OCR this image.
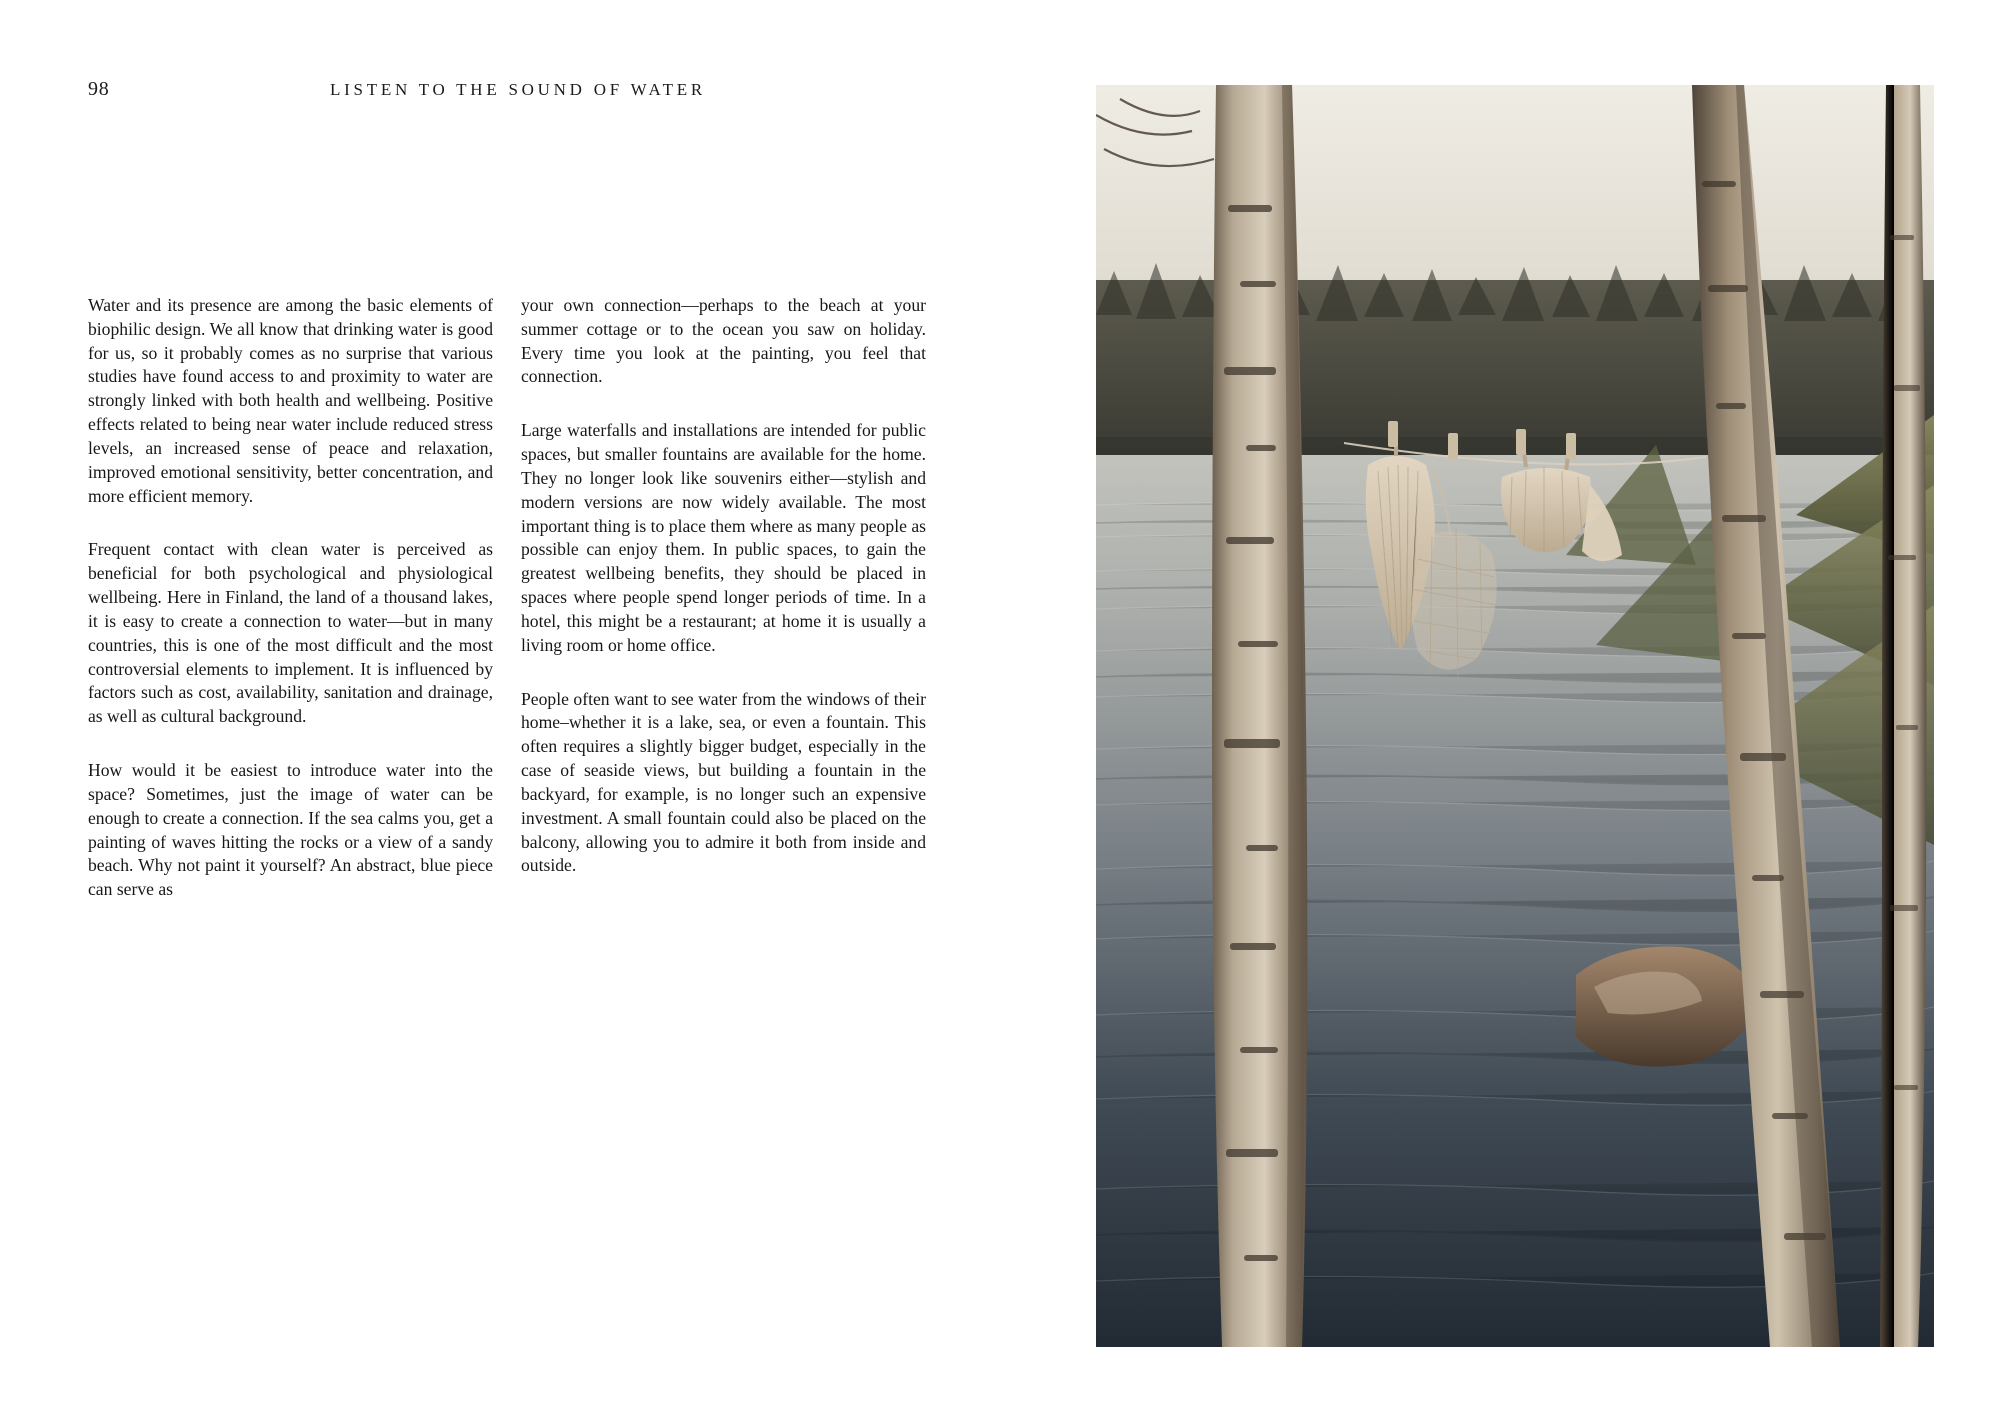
98	LISTEN TO THE SOUND OF WATER

Water and its presence are among the basic elements of biophilic design. We all know that drinking water is good for us, so it probably comes as no surprise that various studies have found access to and proximity to water are strongly linked with both health and wellbeing. Positive effects related to being near water include reduced stress levels, an increased sense of peace and relaxation, improved emotional sensitivity, better concentration, and more efficient memory.

Frequent contact with clean water is perceived as beneficial for both psychological and physiological wellbeing. Here in Finland, the land of a thousand lakes, it is easy to create a connection to water—but in many countries, this is one of the most difficult and the most controversial elements to implement. It is influenced by factors such as cost, availability, sanitation and drainage, as well as cultural background.

How would it be easiest to introduce water into the space? Sometimes, just the image of water can be enough to create a connection. If the sea calms you, get a painting of waves hitting the rocks or a view of a sandy beach. Why not paint it yourself? An abstract, blue piece can serve as

your own connection—perhaps to the beach at your summer cottage or to the ocean you saw on holiday. Every time you look at the painting, you feel that connection.

Large waterfalls and installations are intended for public spaces, but smaller fountains are available for the home. They no longer look like souvenirs either—stylish and modern versions are now widely available. The most important thing is to place them where as many people as possible can enjoy them. In public spaces, to gain the greatest wellbeing benefits, they should be placed in spaces where people spend longer periods of time. In a hotel, this might be a restaurant; at home it is usually a living room or home office.

People often want to see water from the windows of their home–whether it is a lake, sea, or even a fountain. This often requires a slightly bigger budget, especially in the case of seaside views, but building a fountain in the backyard, for example, is no longer such an expensive investment. A small fountain could also be placed on the balcony, allowing you to admire it both from inside and outside.
